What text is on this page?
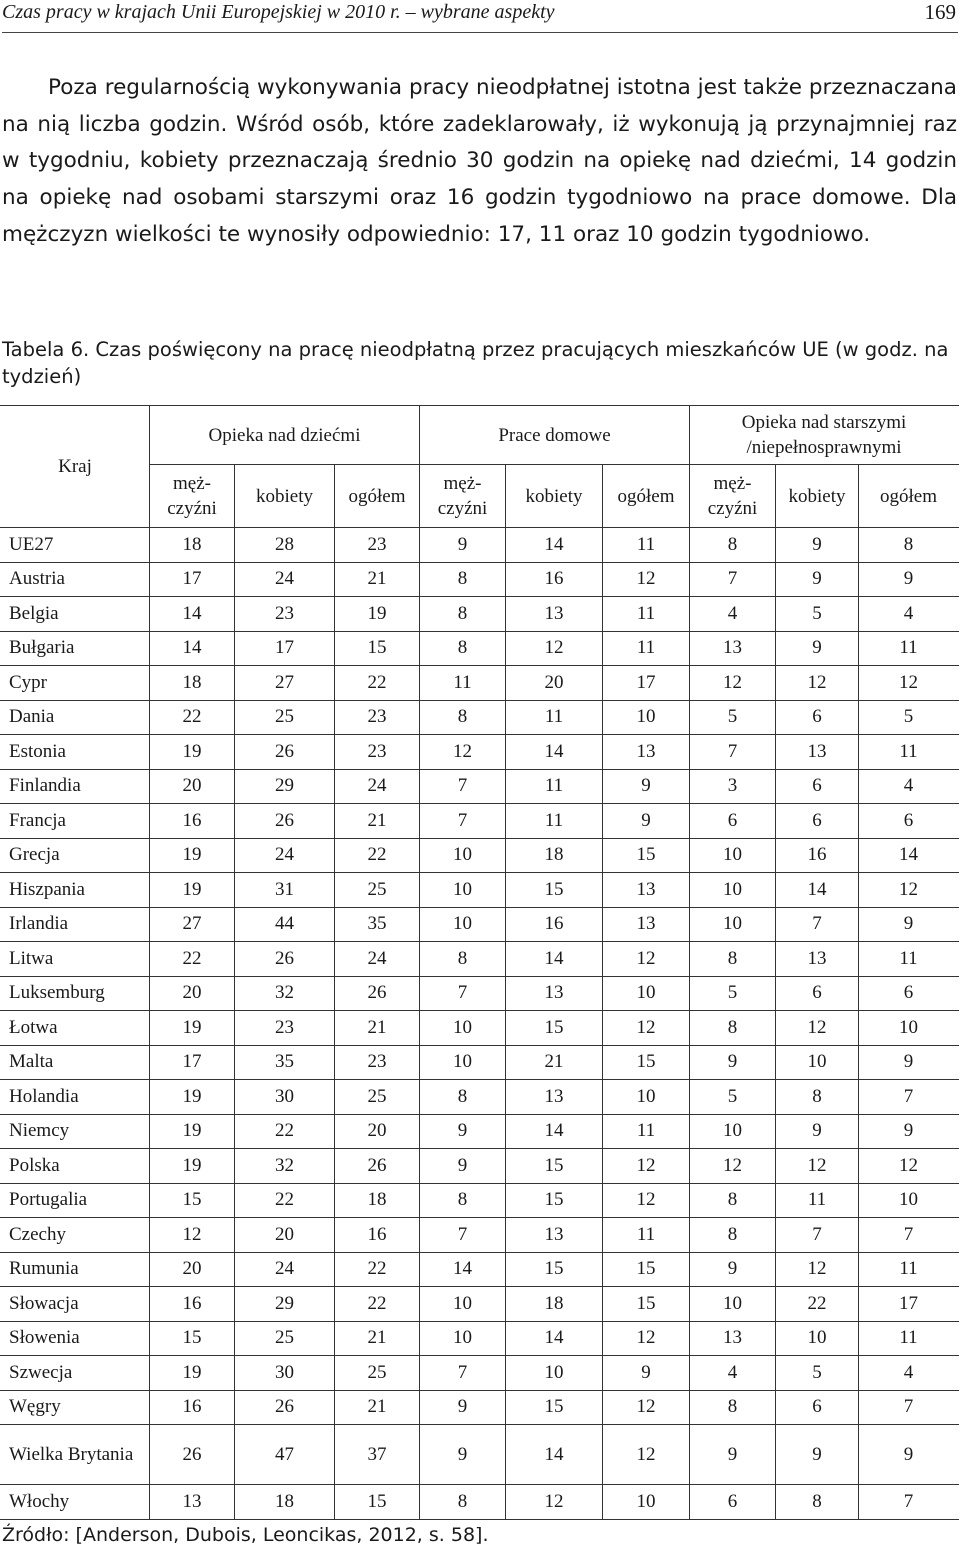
Czas pracy w krajach Unii Europejskiej w 2010 r. – wybrane aspekty	169

Poza regularnością wykonywania pracy nieodpłatnej istotna jest także przeznaczana na nią liczba godzin. Wśród osób, które zadeklarowały, iż wykonują ją przynajmniej raz w tygodniu, kobiety przeznaczają średnio 30 godzin na opiekę nad dziećmi, 14 godzin na opiekę nad osobami starszymi oraz 16 godzin tygodniowo na prace domowe. Dla mężczyzn wielkości te wynosiły odpowiednio: 17, 11 oraz 10 godzin tygodniowo.

Tabela 6. Czas poświęcony na pracę nieodpłatną przez pracujących mieszkańców UE (w godz. na tydzień)

Kraj	Opieka nad dziećmi			Prace domowe			Opieka nad starszymi /niepełnosprawnymi		
	męż-czyźni	kobiety	ogółem	męż-czyźni	kobiety	ogółem	męż-czyźni	kobiety	ogółem
UE27	18	28	23	9	14	11	8	9	8
Austria	17	24	21	8	16	12	7	9	9
Belgia	14	23	19	8	13	11	4	5	4
Bułgaria	14	17	15	8	12	11	13	9	11
Cypr	18	27	22	11	20	17	12	12	12
Dania	22	25	23	8	11	10	5	6	5
Estonia	19	26	23	12	14	13	7	13	11
Finlandia	20	29	24	7	11	9	3	6	4
Francja	16	26	21	7	11	9	6	6	6
Grecja	19	24	22	10	18	15	10	16	14
Hiszpania	19	31	25	10	15	13	10	14	12
Irlandia	27	44	35	10	16	13	10	7	9
Litwa	22	26	24	8	14	12	8	13	11
Luksemburg	20	32	26	7	13	10	5	6	6
Łotwa	19	23	21	10	15	12	8	12	10
Malta	17	35	23	10	21	15	9	10	9
Holandia	19	30	25	8	13	10	5	8	7
Niemcy	19	22	20	9	14	11	10	9	9
Polska	19	32	26	9	15	12	12	12	12
Portugalia	15	22	18	8	15	12	8	11	10
Czechy	12	20	16	7	13	11	8	7	7
Rumunia	20	24	22	14	15	15	9	12	11
Słowacja	16	29	22	10	18	15	10	22	17
Słowenia	15	25	21	10	14	12	13	10	11
Szwecja	19	30	25	7	10	9	4	5	4
Węgry	16	26	21	9	15	12	8	6	7
Wielka Brytania	26	47	37	9	14	12	9	9	9
Włochy	13	18	15	8	12	10	6	8	7
Źródło: [Anderson, Dubois, Leoncikas, 2012, s. 58].
